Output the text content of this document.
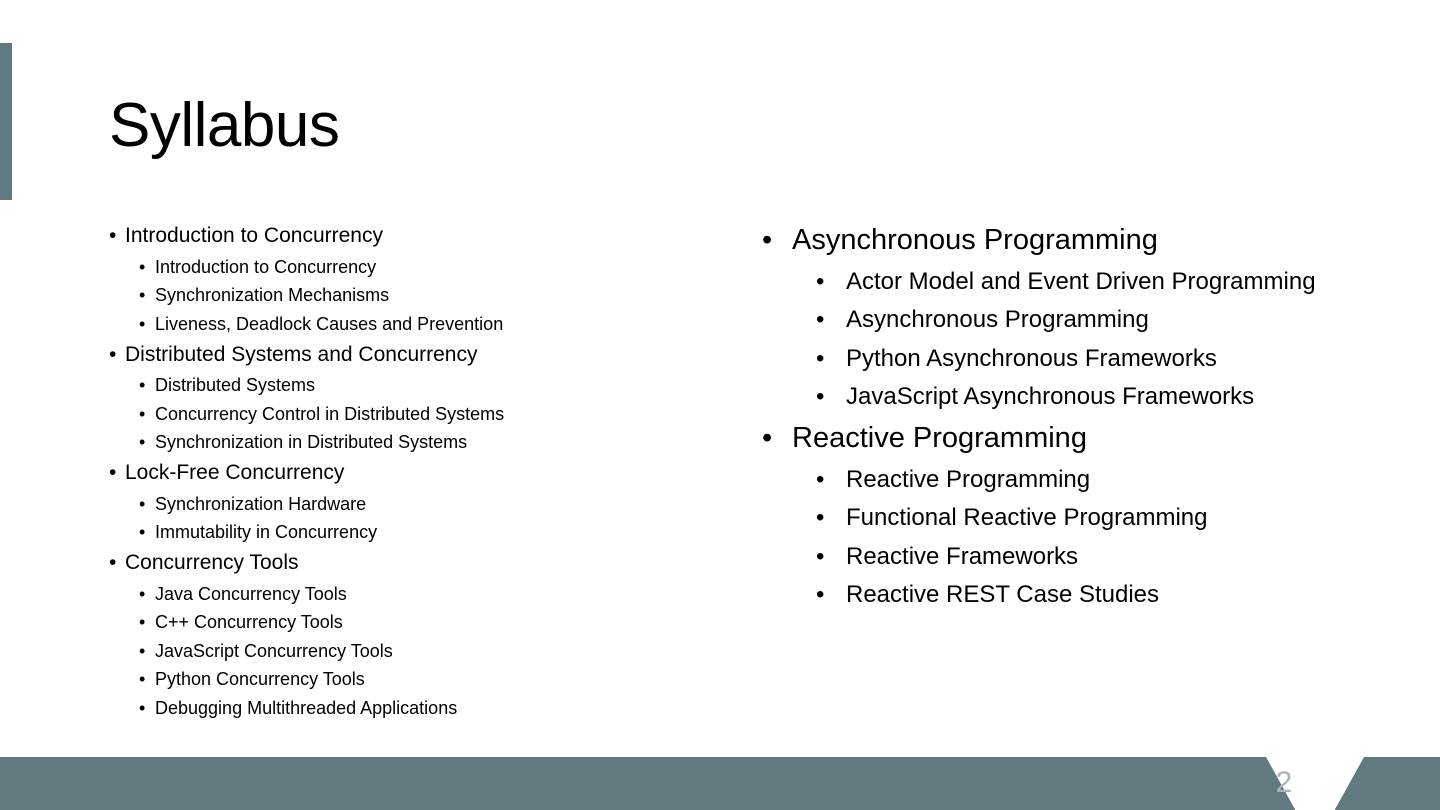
Syllabus
• Introduction to Concurrency
• Introduction to Concurrency
• Synchronization Mechanisms
• Liveness, Deadlock Causes and Prevention
• Distributed Systems and Concurrency
• Distributed Systems
• Concurrency Control in Distributed Systems
• Synchronization in Distributed Systems
• Lock-Free Concurrency
• Synchronization Hardware
• Immutability in Concurrency
• Concurrency Tools
• Java Concurrency Tools
• C++ Concurrency Tools
• JavaScript Concurrency Tools
• Python Concurrency Tools
• Debugging Multithreaded Applications
• Asynchronous Programming
• Actor Model and Event Driven Programming
• Asynchronous Programming
• Python Asynchronous Frameworks
• JavaScript Asynchronous Frameworks
• Reactive Programming
• Reactive Programming
• Functional Reactive Programming
• Reactive Frameworks
• Reactive REST Case Studies
2
